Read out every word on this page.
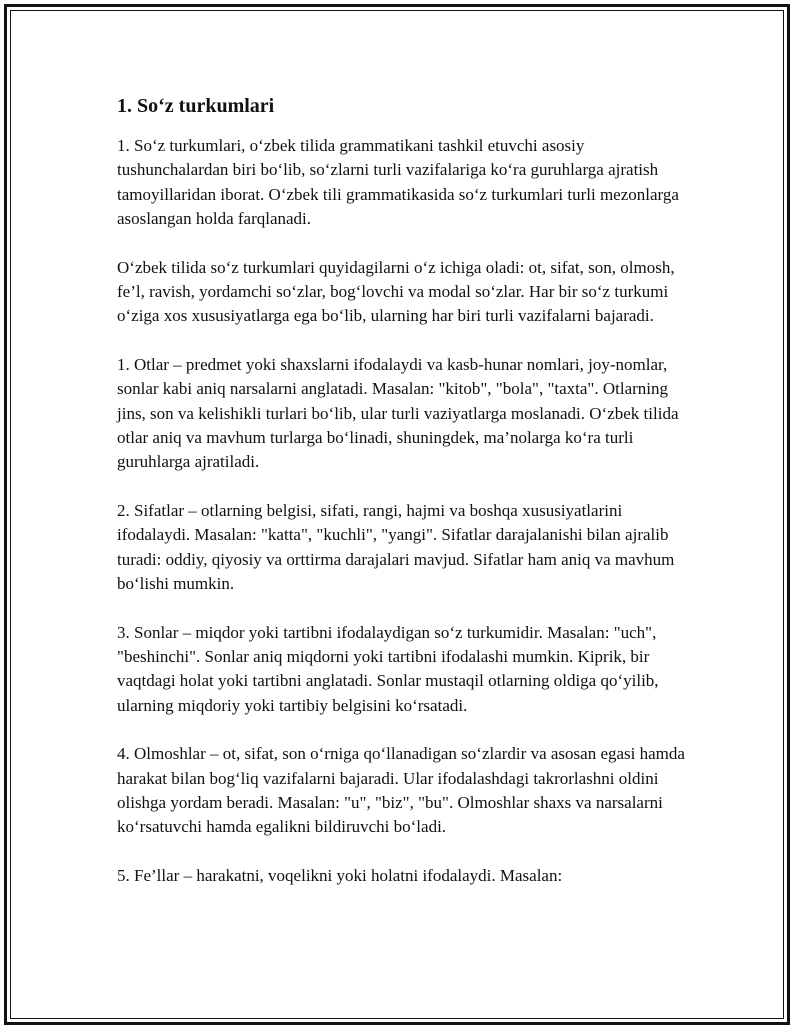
1. So‘z turkumlari

1. So‘z turkumlari, o‘zbek tilida grammatikani tashkil etuvchi asosiy tushunchalardan biri bo‘lib, so‘zlarni turli vazifalariga ko‘ra guruhlarga ajratish tamoyillaridan iborat. O‘zbek tili grammatikasida so‘z turkumlari turli mezonlarga asoslangan holda farqlanadi.

O‘zbek tilida so‘z turkumlari quyidagilarni o‘z ichiga oladi: ot, sifat, son, olmosh, fe’l, ravish, yordamchi so‘zlar, bog‘lovchi va modal so‘zlar. Har bir so‘z turkumi o‘ziga xos xususiyatlarga ega bo‘lib, ularning har biri turli vazifalarni bajaradi.

1. Otlar – predmet yoki shaxslarni ifodalaydi va kasb-hunar nomlari, joy-nomlar, sonlar kabi aniq narsalarni anglatadi. Masalan: "kitob", "bola", "taxta". Otlarning jins, son va kelishikli turlari bo‘lib, ular turli vaziyatlarga moslanadi. O‘zbek tilida otlar aniq va mavhum turlarga bo‘linadi, shuningdek, ma’nolarga ko‘ra turli guruhlarga ajratiladi.

2. Sifatlar – otlarning belgisi, sifati, rangi, hajmi va boshqa xususiyatlarini ifodalaydi. Masalan: "katta", "kuchli", "yangi". Sifatlar darajalanishi bilan ajralib turadi: oddiy, qiyosiy va orttirma darajalari mavjud. Sifatlar ham aniq va mavhum bo‘lishi mumkin.

3. Sonlar – miqdor yoki tartibni ifodalaydigan so‘z turkumidir. Masalan: "uch", "beshinchi". Sonlar aniq miqdorni yoki tartibni ifodalashi mumkin. Kiprik, bir vaqtdagi holat yoki tartibni anglatadi. Sonlar mustaqil otlarning oldiga qo‘yilib, ularning miqdoriy yoki tartibiy belgisini ko‘rsatadi.

4. Olmoshlar – ot, sifat, son o‘rniga qo‘llanadigan so‘zlardir va asosan egasi hamda harakat bilan bog‘liq vazifalarni bajaradi. Ular ifodalashdagi takrorlashni oldini olishga yordam beradi. Masalan: "u", "biz", "bu". Olmoshlar shaxs va narsalarni ko‘rsatuvchi hamda egalikni bildiruvchi bo‘ladi.

5. Fe’llar – harakatni, voqelikni yoki holatni ifodalaydi. Masalan:
